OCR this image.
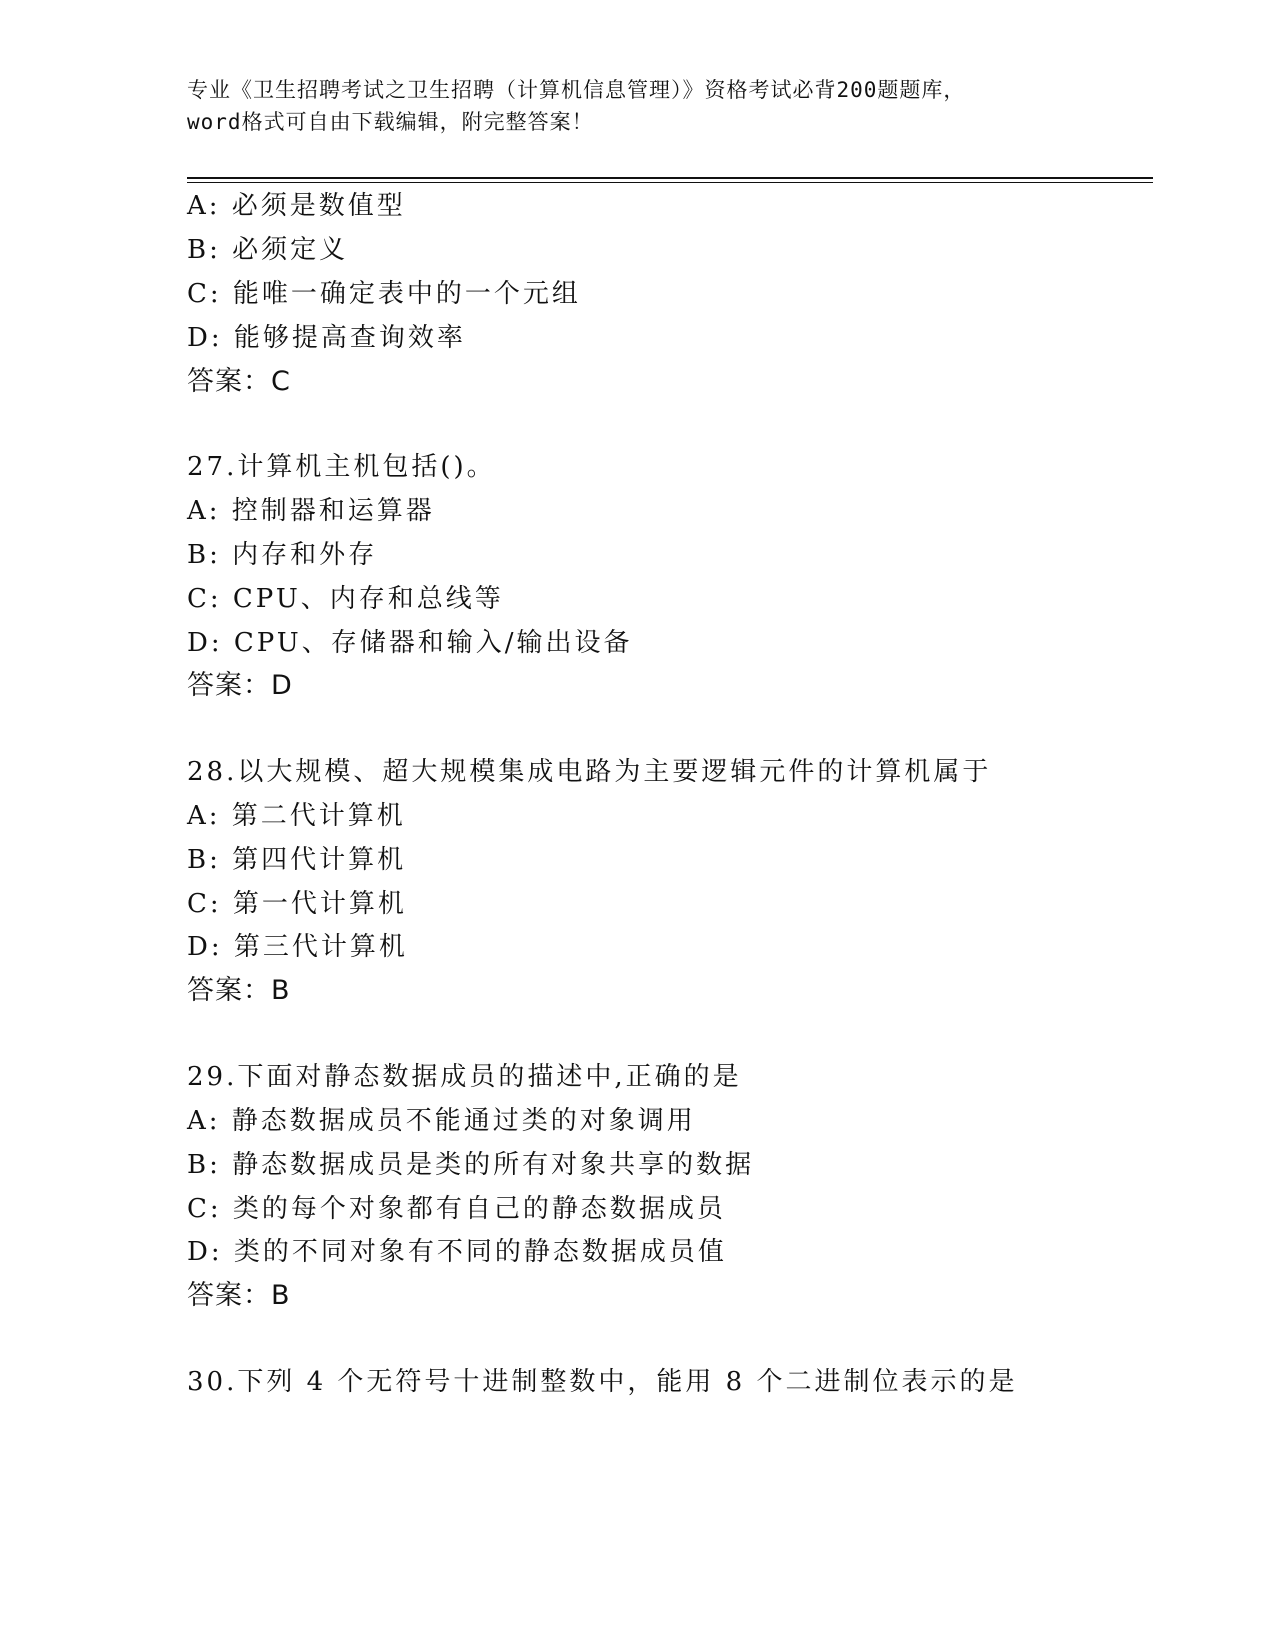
专业《卫生招聘考试之卫生招聘（计算机信息管理）》资格考试必背200题题库，
word格式可自由下载编辑，附完整答案！
A: 必须是数值型
B: 必须定义
C: 能唯一确定表中的一个元组
D: 能够提高查询效率
答案：C
27.计算机主机包括()。
A: 控制器和运算器
B: 内存和外存
C: CPU、内存和总线等
D: CPU、存储器和输入/输出设备
答案：D
28.以大规模、超大规模集成电路为主要逻辑元件的计算机属于
A: 第二代计算机
B: 第四代计算机
C: 第一代计算机
D: 第三代计算机
答案：B
29.下面对静态数据成员的描述中,正确的是
A: 静态数据成员不能通过类的对象调用
B: 静态数据成员是类的所有对象共享的数据
C: 类的每个对象都有自己的静态数据成员
D: 类的不同对象有不同的静态数据成员值
答案：B
30.下列 4 个无符号十进制整数中，能用 8 个二进制位表示的是
